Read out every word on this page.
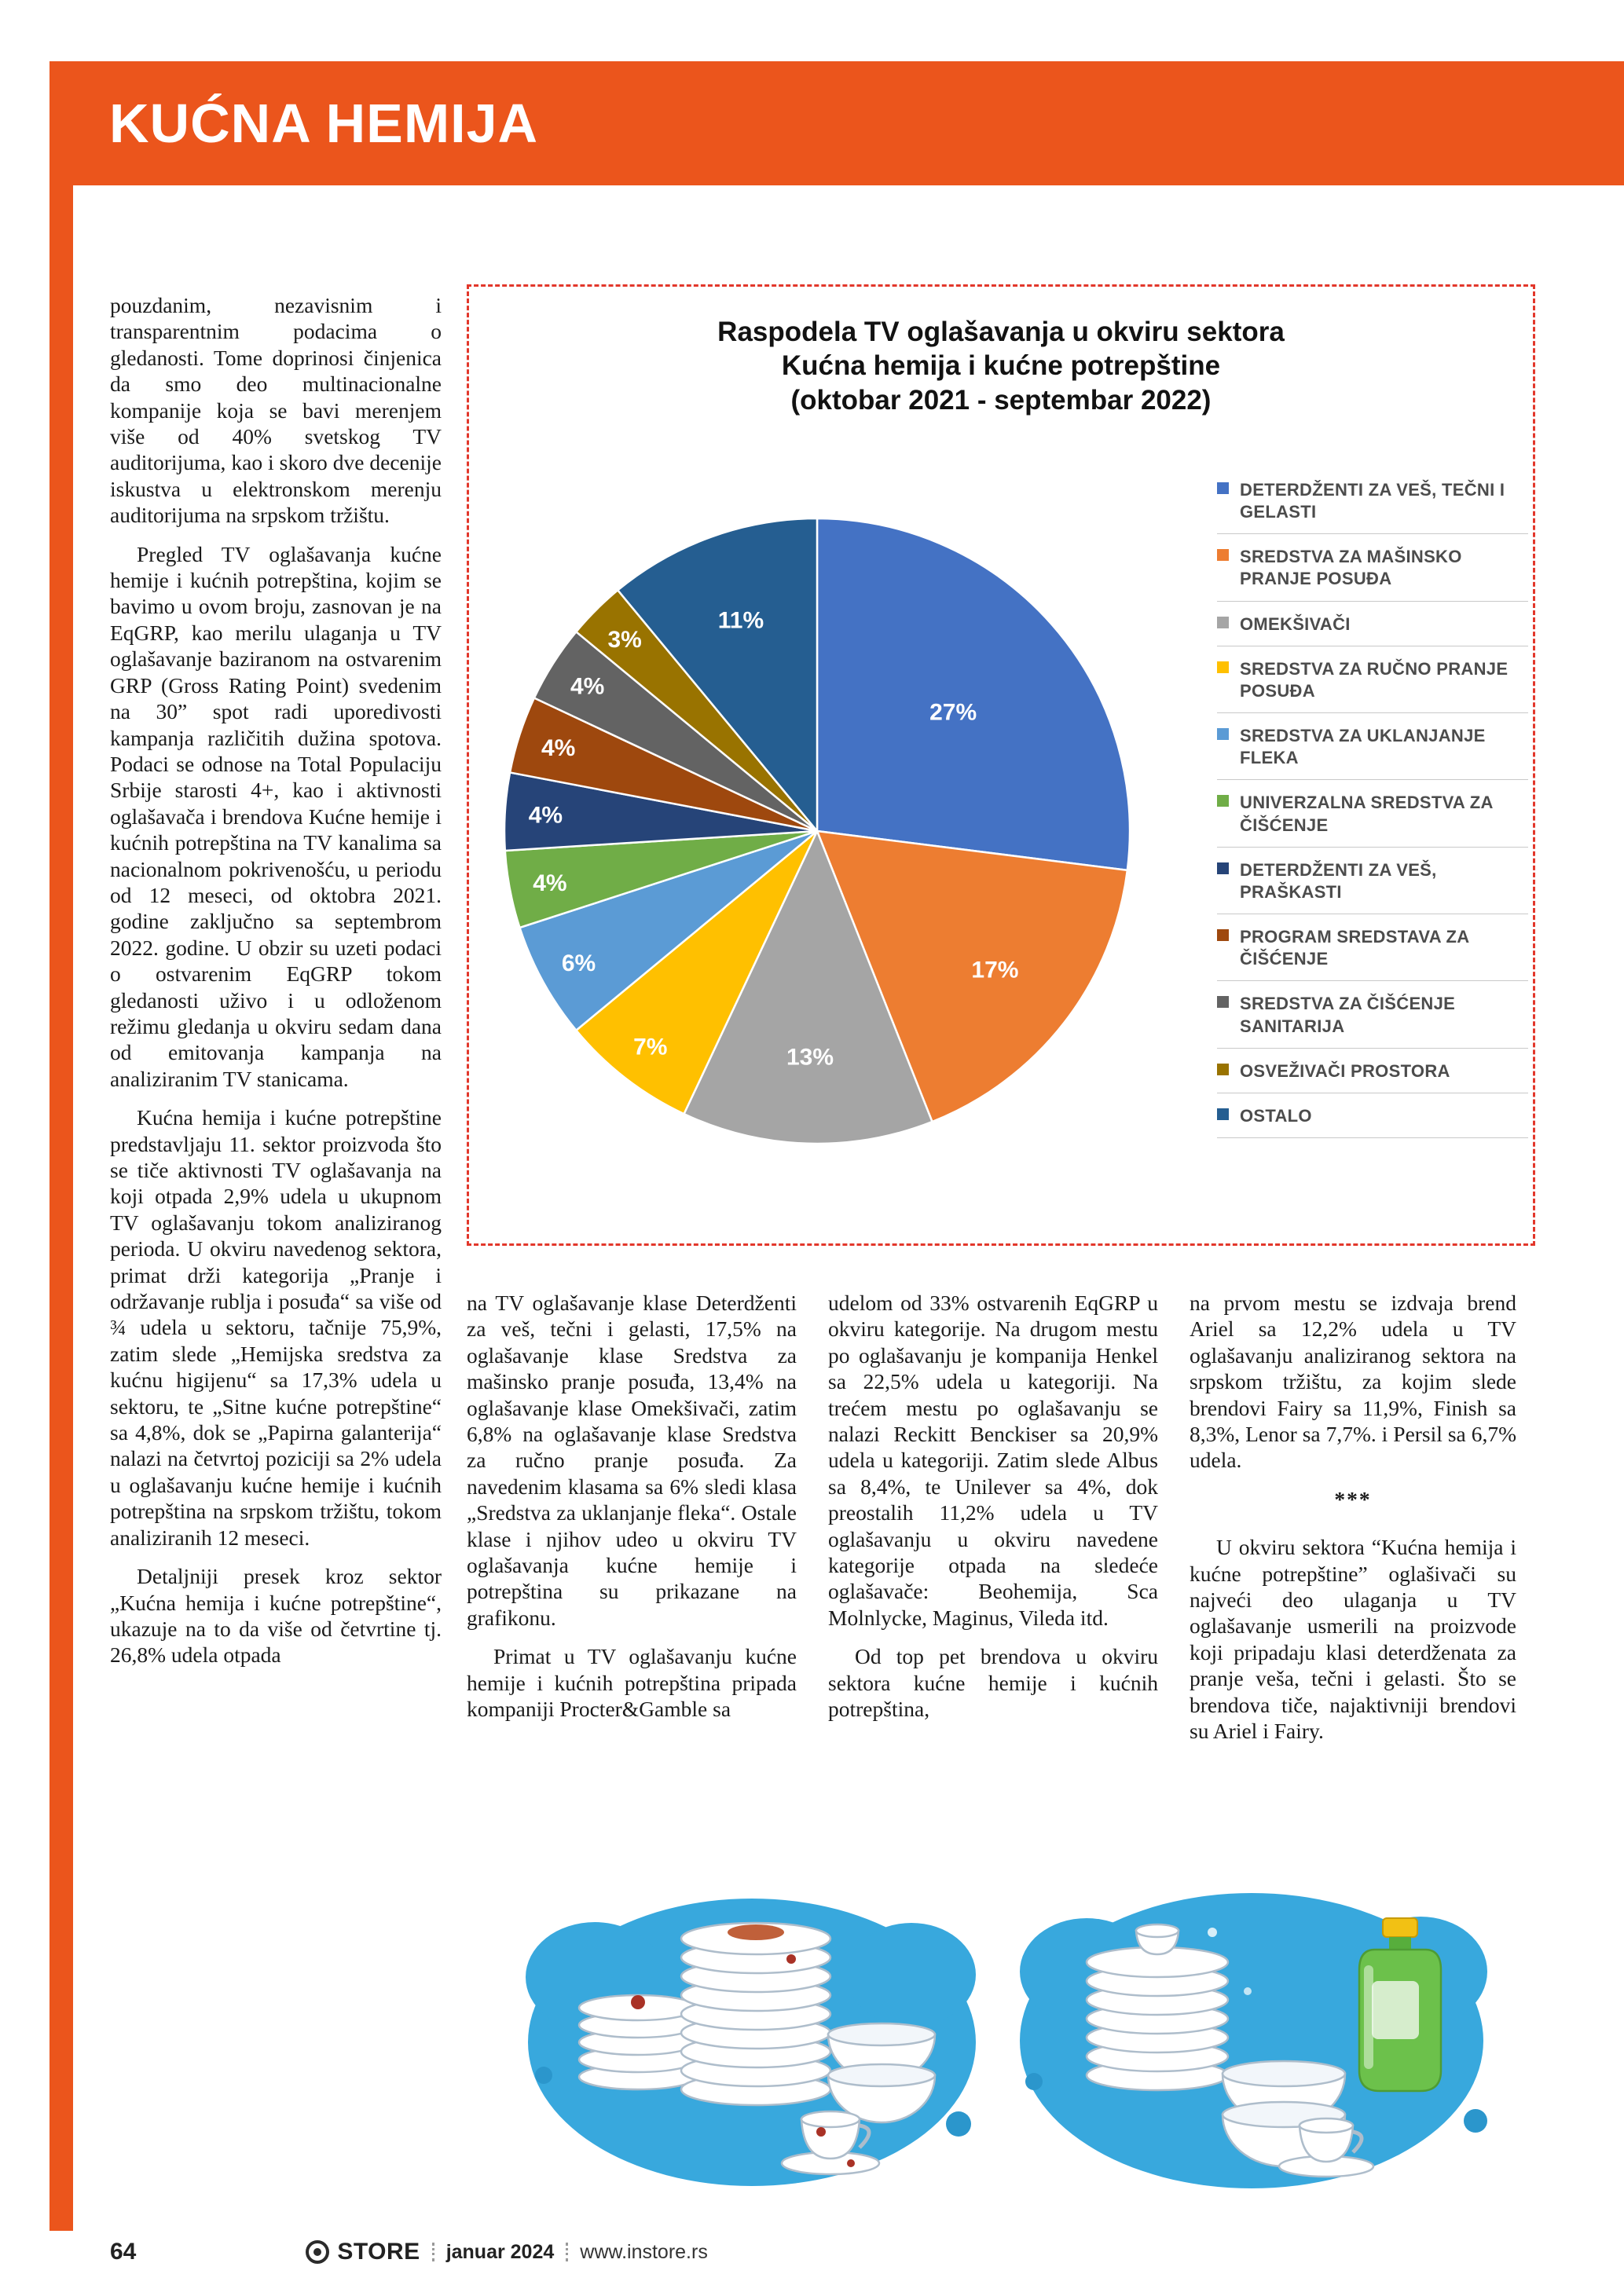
KUĆNA HEMIJA

pouzdanim, nezavisnim i transparentnim podacima o gledanosti. Tome doprinosi činjenica da smo deo multinacionalne kompanije koja se bavi merenjem više od 40% svetskog TV auditorijuma, kao i skoro dve decenije iskustva u elektronskom merenju auditorijuma na srpskom tržištu.

Pregled TV oglašavanja kućne hemije i kućnih potrepština, kojim se bavimo u ovom broju, zasnovan je na EqGRP, kao merilu ulaganja u TV oglašavanje baziranom na ostvarenim GRP (Gross Rating Point) svedenim na 30” spot radi uporedivosti kampanja različitih dužina spotova. Podaci se odnose na Total Populaciju Srbije starosti 4+, kao i aktivnosti oglašavača i brendova Kućne hemije i kućnih potrepština na TV kanalima sa nacionalnom pokrivenošću, u periodu od 12 meseci, od oktobra 2021. godine zaključno sa septembrom 2022. godine. U obzir su uzeti podaci o ostvarenim EqGRP tokom gledanosti uživo i u odloženom režimu gledanja u okviru sedam dana od emitovanja kampanja na analiziranim TV stanicama.

Kućna hemija i kućne potrepštine predstavljaju 11. sektor proizvoda što se tiče aktivnosti TV oglašavanja na koji otpada 2,9% udela u ukupnom TV oglašavanju tokom analiziranog perioda. U okviru navedenog sektora, primat drži kategorija „Pranje i održavanje rublja i posuđa“ sa više od ¾ udela u sektoru, tačnije 75,9%, zatim slede „Hemijska sredstva za kućnu higijenu“ sa 17,3% udela u sektoru, te „Sitne kućne potrepštine“ sa 4,8%, dok se „Papirna galanterija“ nalazi na četvrtoj poziciji sa 2% udela u oglašavanju kućne hemije i kućnih potrepština na srpskom tržištu, tokom analiziranih 12 meseci.

Detaljniji presek kroz sektor „Kućna hemija i kućne potrepštine“, ukazuje na to da više od četvrtine tj. 26,8% udela otpada

Raspodela TV oglašavanja u okviru sektora
Kućna hemija i kućne potrepštine
(oktobar 2021 - septembar 2022)
27%
17%
13%
7%
6%
4%
4%
4%
4%
3%
11%
DETERDŽENTI ZA VEŠ, TEČNI I GELASTI
SREDSTVA ZA MAŠINSKO PRANJE POSUĐA
OMEKŠIVAČI
SREDSTVA ZA RUČNO PRANJE POSUĐA
SREDSTVA ZA UKLANJANJE FLEKA
UNIVERZALNA SREDSTVA ZA ČIŠĆENJE
DETERDŽENTI ZA VEŠ, PRAŠKASTI
PROGRAM SREDSTAVA ZA ČIŠĆENJE
SREDSTVA ZA ČIŠĆENJE SANITARIJA
OSVEŽIVAČI PROSTORA
OSTALO

na TV oglašavanje klase Deterdženti za veš, tečni i gelasti, 17,5% na oglašavanje klase Sredstva za mašinsko pranje posuđa, 13,4% na oglašavanje klase Omekšivači, zatim 6,8% na oglašavanje klase Sredstva za ručno pranje posuđa. Za navedenim klasama sa 6% sledi klasa „Sredstva za uklanjanje fleka“. Ostale klase i njihov udeo u okviru TV oglašavanja kućne hemije i potrepština su prikazane na grafikonu.

Primat u TV oglašavanju kućne hemije i kućnih potrepština pripada kompaniji Procter&Gamble sa

udelom od 33% ostvarenih EqGRP u okviru kategorije. Na drugom mestu po oglašavanju je kompanija Henkel sa 22,5% udela u kategoriji. Na trećem mestu po oglašavanju se nalazi Reckitt Benckiser sa 20,9% udela u kategoriji. Zatim slede Albus sa 8,4%, te Unilever sa 4%, dok preostalih 11,2% udela u TV oglašavanju u okviru navedene kategorije otpada na sledeće oglašavače: Beohemija, Sca Molnlycke, Maginus, Vileda itd.

Od top pet brendova u okviru sektora kućne hemije i kućnih potrepština,

na prvom mestu se izdvaja brend Ariel sa 12,2% udela u TV oglašavanju analiziranog sektora na srpskom tržištu, za kojim slede brendovi Fairy sa 11,9%, Finish sa 8,3%, Lenor sa 7,7%. i Persil sa 6,7% udela.

***

U okviru sektora “Kućna hemija i kućne potrepštine” oglašivači su najveći deo ulaganja u TV oglašavanje usmerili na proizvode koji pripadaju klasi deterdženata za pranje veša, tečni i gelasti. Što se brendova tiče, najaktivniji brendovi su Ariel i Fairy.

64	STORE januar 2024 www.instore.rs
